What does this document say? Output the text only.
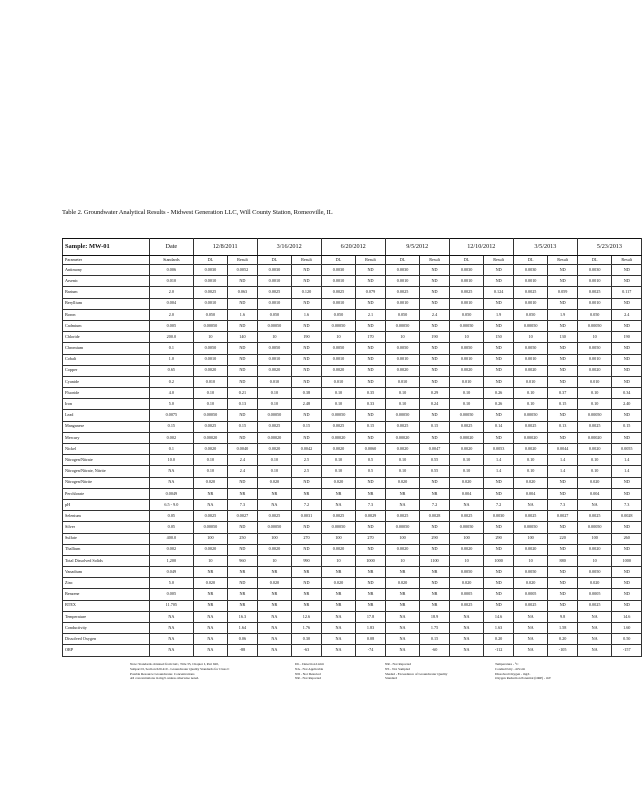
Table 2. Groundwater Analytical Results - Midwest Generation LLC, Will County Station, Romeoville, IL
Sample: MW-01	Date	12/8/2011		3/16/2012		6/20/2012		9/5/2012		12/10/2012		3/5/2013		5/23/2013	
Parameter	Standards	DL	Result	DL	Result	DL	Result	DL	Result	DL	Result	DL	Result	DL	Result
Antimony	0.006	0.0030	0.0052	0.0030	ND	0.0030	ND	0.0030	ND	0.0030	ND	0.0030	ND	0.0030	ND
Arsenic	0.010	0.0010	ND	0.0010	ND	0.0010	ND	0.0010	ND	0.0010	ND	0.0010	ND	0.0010	ND
Barium	2.0	0.0025	0.063	0.0025	0.120	0.0025	0.079	0.0025	ND	0.0025	0.124	0.0025	0.059	0.0025	0.117
Beryllium	0.004	0.0010	ND	0.0010	ND	0.0010	ND	0.0010	ND	0.0010	ND	0.0010	ND	0.0010	ND
Boron	2.0	0.050	1.6	0.050	1.6	0.050	2.1	0.050	2.4	0.050	1.9	0.050	1.9	0.050	2.4
Cadmium	0.005	0.00050	ND	0.00050	ND	0.00050	ND	0.00050	ND	0.00050	ND	0.00050	ND	0.00050	ND
Chloride	200.0	10	140	10	190	10	170	10	190	10	150	10	130	10	190
Chromium	0.1	0.0050	ND	0.0050	ND	0.0050	ND	0.0050	ND	0.0050	ND	0.0050	ND	0.0050	ND
Cobalt	1.0	0.0010	ND	0.0010	ND	0.0010	ND	0.0010	ND	0.0010	ND	0.0010	ND	0.0010	ND
Copper	0.65	0.0020	ND	0.0020	ND	0.0020	ND	0.0020	ND	0.0020	ND	0.0020	ND	0.0020	ND
Cyanide	0.2	0.010	ND	0.010	ND	0.010	ND	0.010	ND	0.010	ND	0.010	ND	0.010	ND
Fluoride	4.0	0.10	0.21	0.10	0.38	0.10	0.35	0.10	0.29	0.10	0.26	0.10	0.37	0.10	0.34
Iron	5.0	0.10	0.13	0.10	2.48	0.10	0.33	0.10	0.24	0.10	0.26	0.10	0.15	0.10	2.40
Lead	0.0075	0.00050	ND	0.00050	ND	0.00050	ND	0.00050	ND	0.00050	ND	0.00050	ND	0.00050	ND
Manganese	0.15	0.0025	0.15	0.0025	0.15	0.0025	0.15	0.0025	0.15	0.0025	0.14	0.0025	0.13	0.0025	0.15
Mercury	0.002	0.00020	ND	0.00020	ND	0.00020	ND	0.00020	ND	0.00020	ND	0.00020	ND	0.00020	ND
Nickel	0.1	0.0020	0.0040	0.0020	0.0042	0.0020	0.0060	0.0020	0.0047	0.0020	0.0053	0.0020	0.0044	0.0020	0.0055
Nitrogen/Nitrate	10.0	0.10	2.4	0.10	2.5	0.10	0.5	0.10	0.55	0.10	1.4	0.10	1.4	0.10	1.4
Nitrogen/Nitrate, Nitrite	NA	0.10	2.4	0.10	2.5	0.10	0.5	0.10	0.55	0.10	1.4	0.10	1.4	0.10	1.4
Nitrogen/Nitrite	NA	0.020	ND	0.020	ND	0.020	ND	0.020	ND	0.020	ND	0.020	ND	0.020	ND
Perchlorate	0.0049	NR	NR	NR	NR	NR	NR	NR	NR	0.004	ND	0.004	ND	0.004	ND
pH	6.5 - 9.0	NA	7.3	NA	7.2	NA	7.3	NA	7.2	NA	7.2	NA	7.3	NA	7.3
Selenium	0.05	0.0025	0.0027	0.0025	0.0031	0.0025	0.0029	0.0025	0.0028	0.0025	0.0030	0.0025	0.0027	0.0025	0.0028
Silver	0.05	0.00050	ND	0.00050	ND	0.00050	ND	0.00050	ND	0.00050	ND	0.00050	ND	0.00050	ND
Sulfate	400.0	100	250	100	270	100	270	100	290	100	290	100	220	100	260
Thallium	0.002	0.0020	ND	0.0020	ND	0.0020	ND	0.0020	ND	0.0020	ND	0.0020	ND	0.0020	ND
Total Dissolved Solids	1,200	10	960	10	990	10	1000	10	1100	10	1000	10	880	10	1000
Vanadium	0.049	NR	NR	NR	NR	NR	NR	NR	NR	0.0050	ND	0.0050	ND	0.0050	ND
Zinc	5.0	0.020	ND	0.020	ND	0.020	ND	0.020	ND	0.020	ND	0.020	ND	0.020	ND
Benzene	0.005	NR	NR	NR	NR	NR	NR	NR	NR	0.0005	ND	0.0005	ND	0.0005	ND
BTEX	11.705	NR	NR	NR	NR	NR	NR	NR	NR	0.0025	ND	0.0025	ND	0.0025	ND
Temperature	NA	NA	16.3	NA	12.6	NA	17.8	NA	18.9	NA	14.6	NA	9.8	NA	14.6
Conductivity	NA	NA	1.64	NA	1.76	NA	1.83	NA	1.75	NA	1.63	NA	1.58	NA	1.60
Dissolved Oxygen	NA	NA	0.06	NA	0.30	NA	0.08	NA	0.15	NA	0.20	NA	0.20	NA	0.50
ORP	NA	NA	-88	NA	-63	NA	-74	NA	-60	NA	-112	NA	-105	NA	-157
Note: Standards obtained from IAC, Title 35, Chapter I, Part 620,
Subpart D, Section 620.410 - Groundwater Quality Standards for Class I:
Potable Resource Groundwater. Concentrations
All concentrations in mg/L unless otherwise noted.
DL - Detection Limit
NA - Not Applicable
ND - Not Detected
NR - Not Reported
NR - Not Reported
NS - Not Sampled
Shaded - Exceedance of Groundwater Quality
Standard
Temperature - °C
Conductivity - mS/cm
Dissolved Oxygen - mg/L
Oxygen Reduction Potential (ORP) - mV
